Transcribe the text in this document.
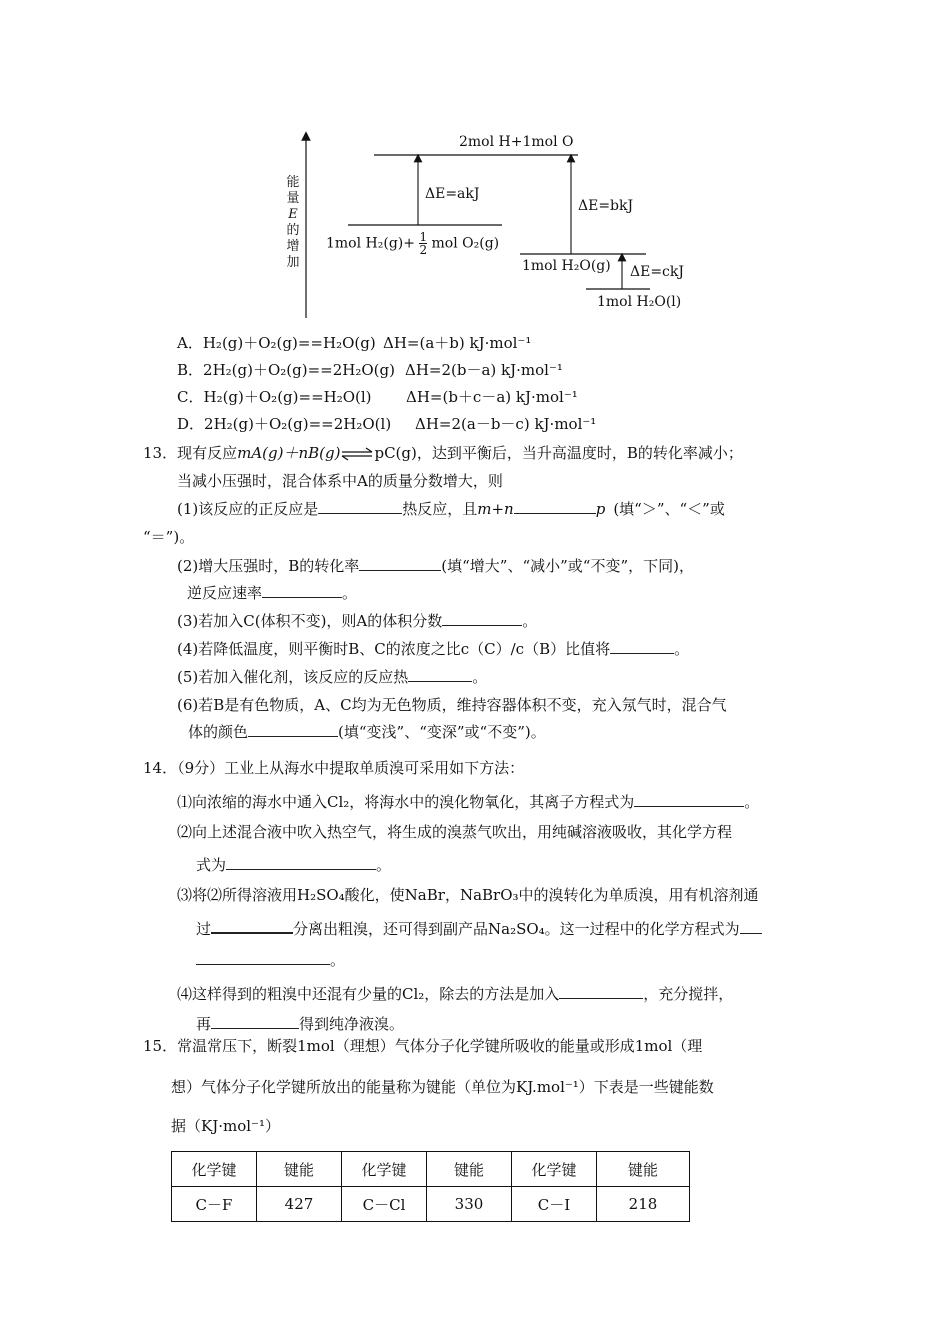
能
量
E
的
增
加
2mol H+1mol O
ΔE=akJ
ΔE=bkJ
1mol $H_2(g)+ \frac{1}{2}$ mol O₂(g)
1mol H₂O(g) ΔE=ckJ
1mol H₂O(l)
A．H₂(g)＋O₂(g)==H₂O(g) ΔH=(a＋b) kJ·mol⁻¹
B．2H₂(g)＋O₂(g)==2H₂O(g) ΔH=2(b－a) kJ·mol⁻¹
C．H₂(g)＋O₂(g)==H₂O(l) ΔH=(b＋c－a) kJ·mol⁻¹
D．2H₂(g)＋O₂(g)==2H₂O(l) ΔH=2(a－b－c) kJ·mol⁻¹
13．现有反应mA(g)＋nB(g)⇌pC(g)，达到平衡后，当升高温度时，B的转化率减小；
当减小压强时，混合体系中A的质量分数增大，则
(1)该反应的正反应是	热反应，且m+n	p (填“＞”、“＜”或
“＝”)。
(2)增大压强时，B的转化率	(填“增大”、“减小”或“不变”，下同)，
逆反应速率	。
(3)若加入C(体积不变)，则A的体积分数	。
(4)若降低温度，则平衡时B、C的浓度之比c（C）/c（B）比值将	。
(5)若加入催化剂，该反应的反应热	。
(6)若B是有色物质，A、C均为无色物质，维持容器体积不变，充入氖气时，混合气
体的颜色	(填“变浅”、“变深”或“不变”)。
14．（9分）工业上从海水中提取单质溴可采用如下方法：
⑴向浓缩的海水中通入Cl₂，将海水中的溴化物氧化，其离子方程式为	。
⑵向上述混合液中吹入热空气，将生成的溴蒸气吹出，用纯碱溶液吸收，其化学方程
式为	。
⑶将⑵所得溶液用H₂SO₄酸化，使NaBr，NaBrO₃中的溴转化为单质溴，用有机溶剂通
过	分离出粗溴，还可得到副产品Na₂SO₄。这一过程中的化学方程式为
。
⑷这样得到的粗溴中还混有少量的Cl₂，除去的方法是加入	，充分搅拌，
再	得到纯净液溴。
15．常温常压下，断裂1mol（理想）气体分子化学键所吸收的能量或形成1mol（理
想）气体分子化学键所放出的能量称为键能（单位为KJ.mol⁻¹）下表是一些键能数
据（KJ·mol⁻¹）
化学键	键能	化学键	键能	化学键	键能
C－F	427	C－Cl	330	C－I	218
